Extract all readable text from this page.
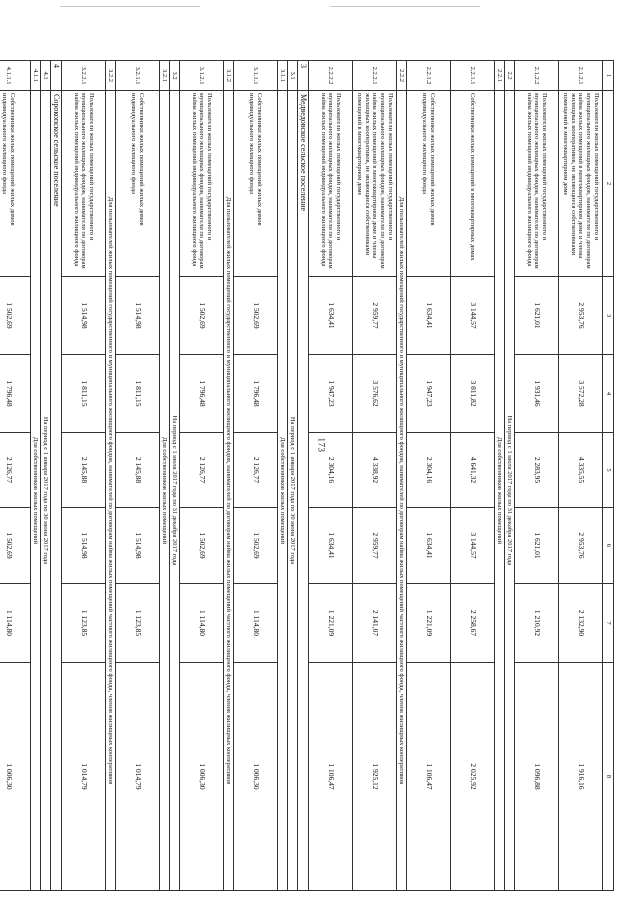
173
1	2	3	4	5	6	7	8
2.1.2.1	Пользователи жилых помещений государственного и муниципального жилищных фондов, наниматели по договорам найма жилых помещений в многоквартирном доме и члены жилищных кооперативов, не являющиеся собственниками помещений в многоквартирном доме	2 953,76	3 572,28	4 335,55	2 953,76	2 132,90	1 916,16
2.1.2.2	Пользователи жилых помещений государственного и муниципального жилищных фондов, наниматели по договорам найма жилых помещений индивидуального жилищного фонда	1 621,01	1 931,46	2 283,95	1 621,01	1 210,92	1 096,88
2.2	На период с 1 июля 2017 года по 31 декабря 2017 года						
2.2.1	Для собственников жилых помещений						
2.2.1.1	Собственники жилых помещений в многоквартирных домах	3 144,57	3 811,82	4 641,32	3 144,57	2 258,67	2 025,92
2.2.1.2	Собственники жилых помещений жилых домов индивидуального жилищного фонда	1 634,41	1 947,23	2 304,16	1 634,41	1 221,09	1 106,47
2.2.2	Для пользователей жилых помещений государственного и муниципального жилищного фондов, нанимателей по договорам найма жилых помещений частного жилищного фонда, членов жилищных кооперативов						
2.2.2.1	Пользователи жилых помещений государственного и муниципального жилищных фондов, наниматели по договорам найма жилых помещений в многоквартирном доме и члены жилищных кооперативов, не являющиеся собственниками помещений в многоквартирном доме	2 959,77	3 576,62	4 338,92	2 959,77	2 141,07	1 925,12
2.2.2.2	Пользователи жилых помещений государственного и муниципального жилищных фондов, наниматели по договорам найма жилых помещений индивидуального жилищного фонда	1 634,41	1 947,23	2 304,16	1 634,41	1 221,09	1 106,47
3	Медведовское сельское поселение						
3.1	На период с 1 января 2017 года по 30 июня 2017 года						
3.1.1	Для собственников жилых помещений						
3.1.1.1	Собственники жилых помещений жилых домов индивидуального жилищного фонда	1 502,69	1 796,48	2 126,77	1 502,69	1 114,80	1 006,30
3.1.2	Для пользователей жилых помещений государственного и муниципального жилищного фондов, нанимателей по договорам найма жилых помещений частного жилищного фонда, членов жилищных кооперативов						
3.1.2.1	Пользователи жилых помещений государственного и муниципального жилищных фондов, наниматели по договорам найма жилых помещений индивидуального жилищного фонда	1 502,69	1 796,48	2 126,77	1 502,69	1 114,80	1 006,30
3.2	На период с 1 июля 2017 года по 31 декабря 2017 года						
3.2.1	Для собственников жилых помещений						
3.2.1.1	Собственники жилых помещений жилых домов индивидуального жилищного фонда	1 514,98	1 811,15	2 145,88	1 514,98	1 123,85	1 014,79
3.2.2	Для пользователей жилых помещений государственного и муниципального жилищного фондов, нанимателей по договорам найма жилых помещений частного жилищного фонда, членов жилищных кооперативов						
3.2.2.1	Пользователи жилых помещений государственного и муниципального жилищных фондов, наниматели по договорам найма жилых помещений индивидуального жилищного фонда	1 514,98	1 811,15	2 145,88	1 514,98	1 123,85	1 014,79
4	Сорокопское сельское поселение						
4.1	На период с 1 января 2017 года по 30 июня 2017 года						
4.1.1	Для собственников жилых помещений						
4.1.1.1	Собственники жилых помещений жилых домов индивидуального жилищного фонда	1 502,69	1 796,48	2 126,77	1 502,69	1 114,80	1 006,30
